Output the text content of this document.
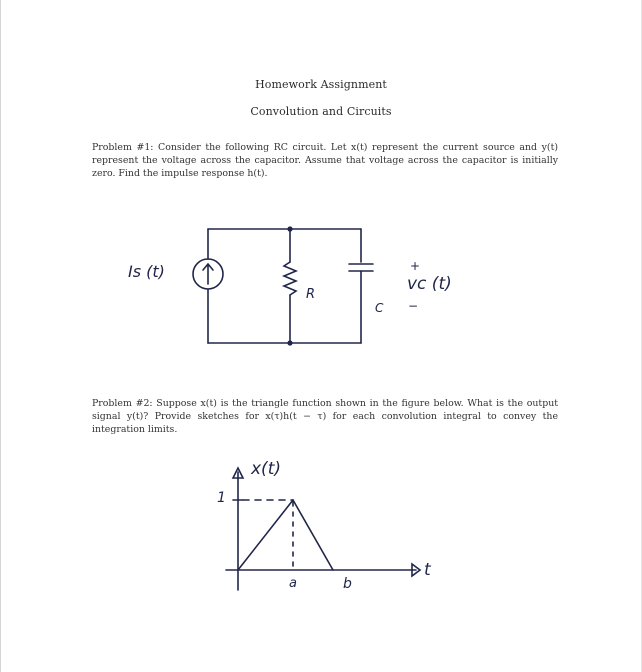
Homework Assignment
Convolution and Circuits
Problem #1: Consider the following RC circuit. Let x(t) represent the current source and y(t) represent the voltage across the capacitor. Assume that voltage across the capacitor is initially zero. Find the impulse response h(t).
Problem #2: Suppose x(t) is the triangle function shown in the figure below. What is the output signal y(t)? Provide sketches for x(τ)h(t − τ) for each convolution integral to convey the integration limits.
Is (t)
R
C
+
−
vc (t)
x(t)
1
t
a	b
